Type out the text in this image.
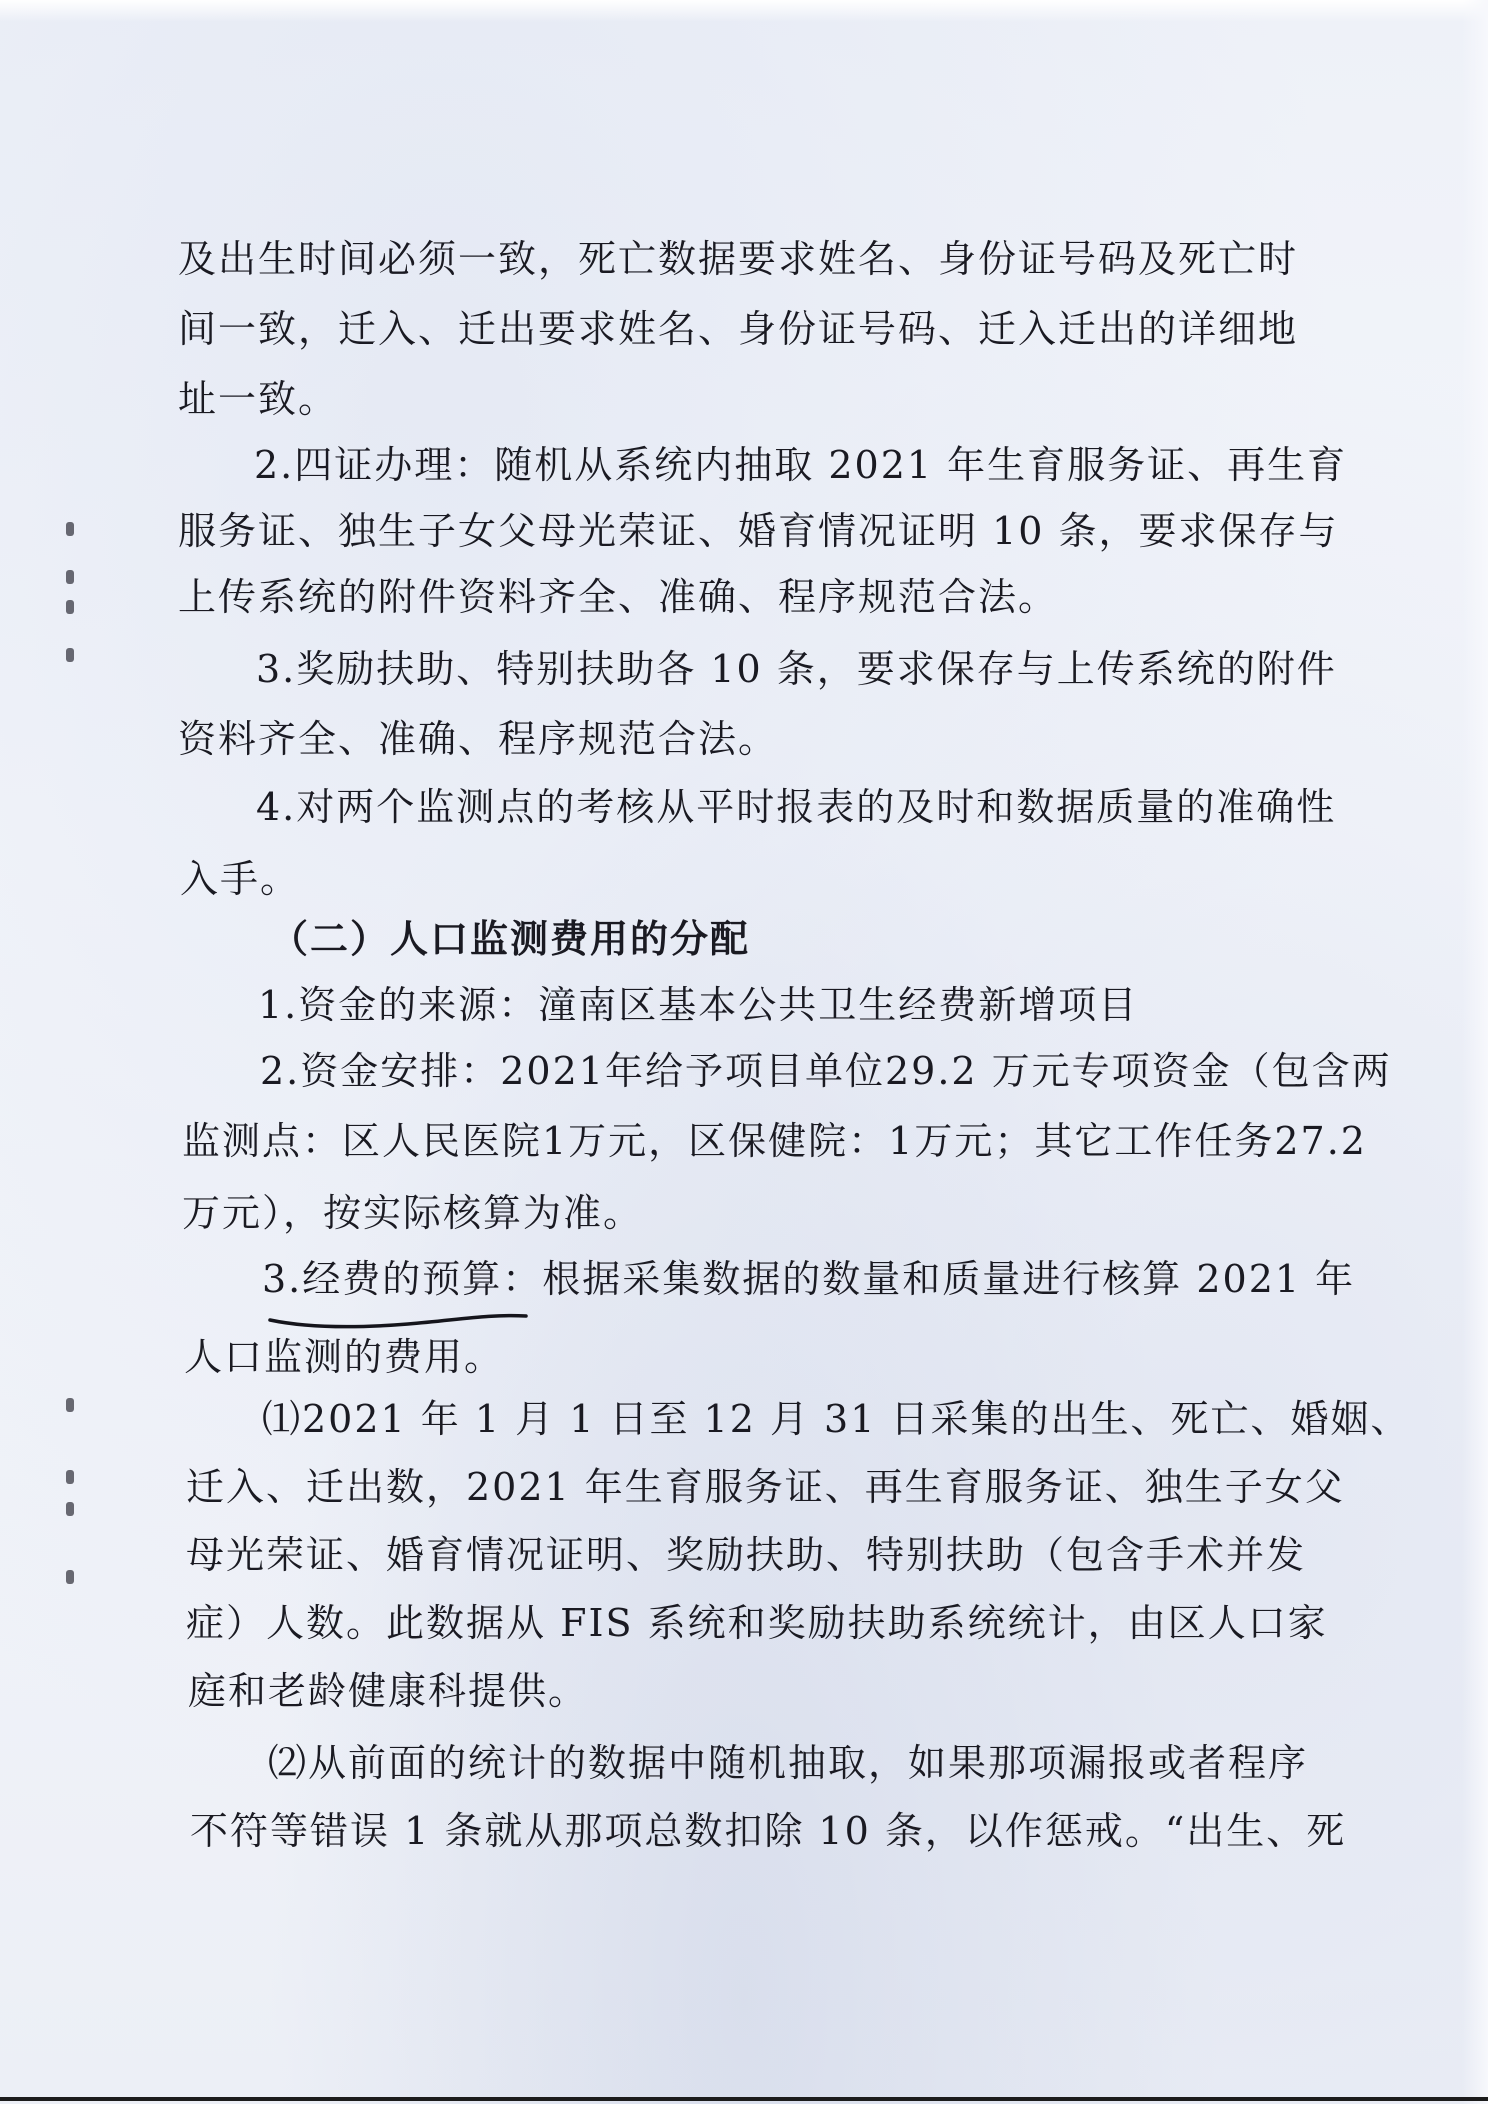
及出生时间必须一致，死亡数据要求姓名、身份证号码及死亡时
间一致，迁入、迁出要求姓名、身份证号码、迁入迁出的详细地
址一致。
2.四证办理：随机从系统内抽取 2021 年生育服务证、再生育
服务证、独生子女父母光荣证、婚育情况证明 10 条，要求保存与
上传系统的附件资料齐全、准确、程序规范合法。
3.奖励扶助、特别扶助各 10 条，要求保存与上传系统的附件
资料齐全、准确、程序规范合法。
4.对两个监测点的考核从平时报表的及时和数据质量的准确性
入手。
（二）人口监测费用的分配
1.资金的来源：潼南区基本公共卫生经费新增项目
2.资金安排：2021年给予项目单位29.2 万元专项资金（包含两
监测点：区人民医院1万元，区保健院：1万元；其它工作任务27.2
万元），按实际核算为准。
3.经费的预算：根据采集数据的数量和质量进行核算 2021 年
人口监测的费用。
⑴2021 年 1 月 1 日至 12 月 31 日采集的出生、死亡、婚姻、
迁入、迁出数，2021 年生育服务证、再生育服务证、独生子女父
母光荣证、婚育情况证明、奖励扶助、特别扶助（包含手术并发
症）人数。此数据从 FIS 系统和奖励扶助系统统计，由区人口家
庭和老龄健康科提供。
⑵从前面的统计的数据中随机抽取，如果那项漏报或者程序
不符等错误 1 条就从那项总数扣除 10 条，以作惩戒。“出生、死
